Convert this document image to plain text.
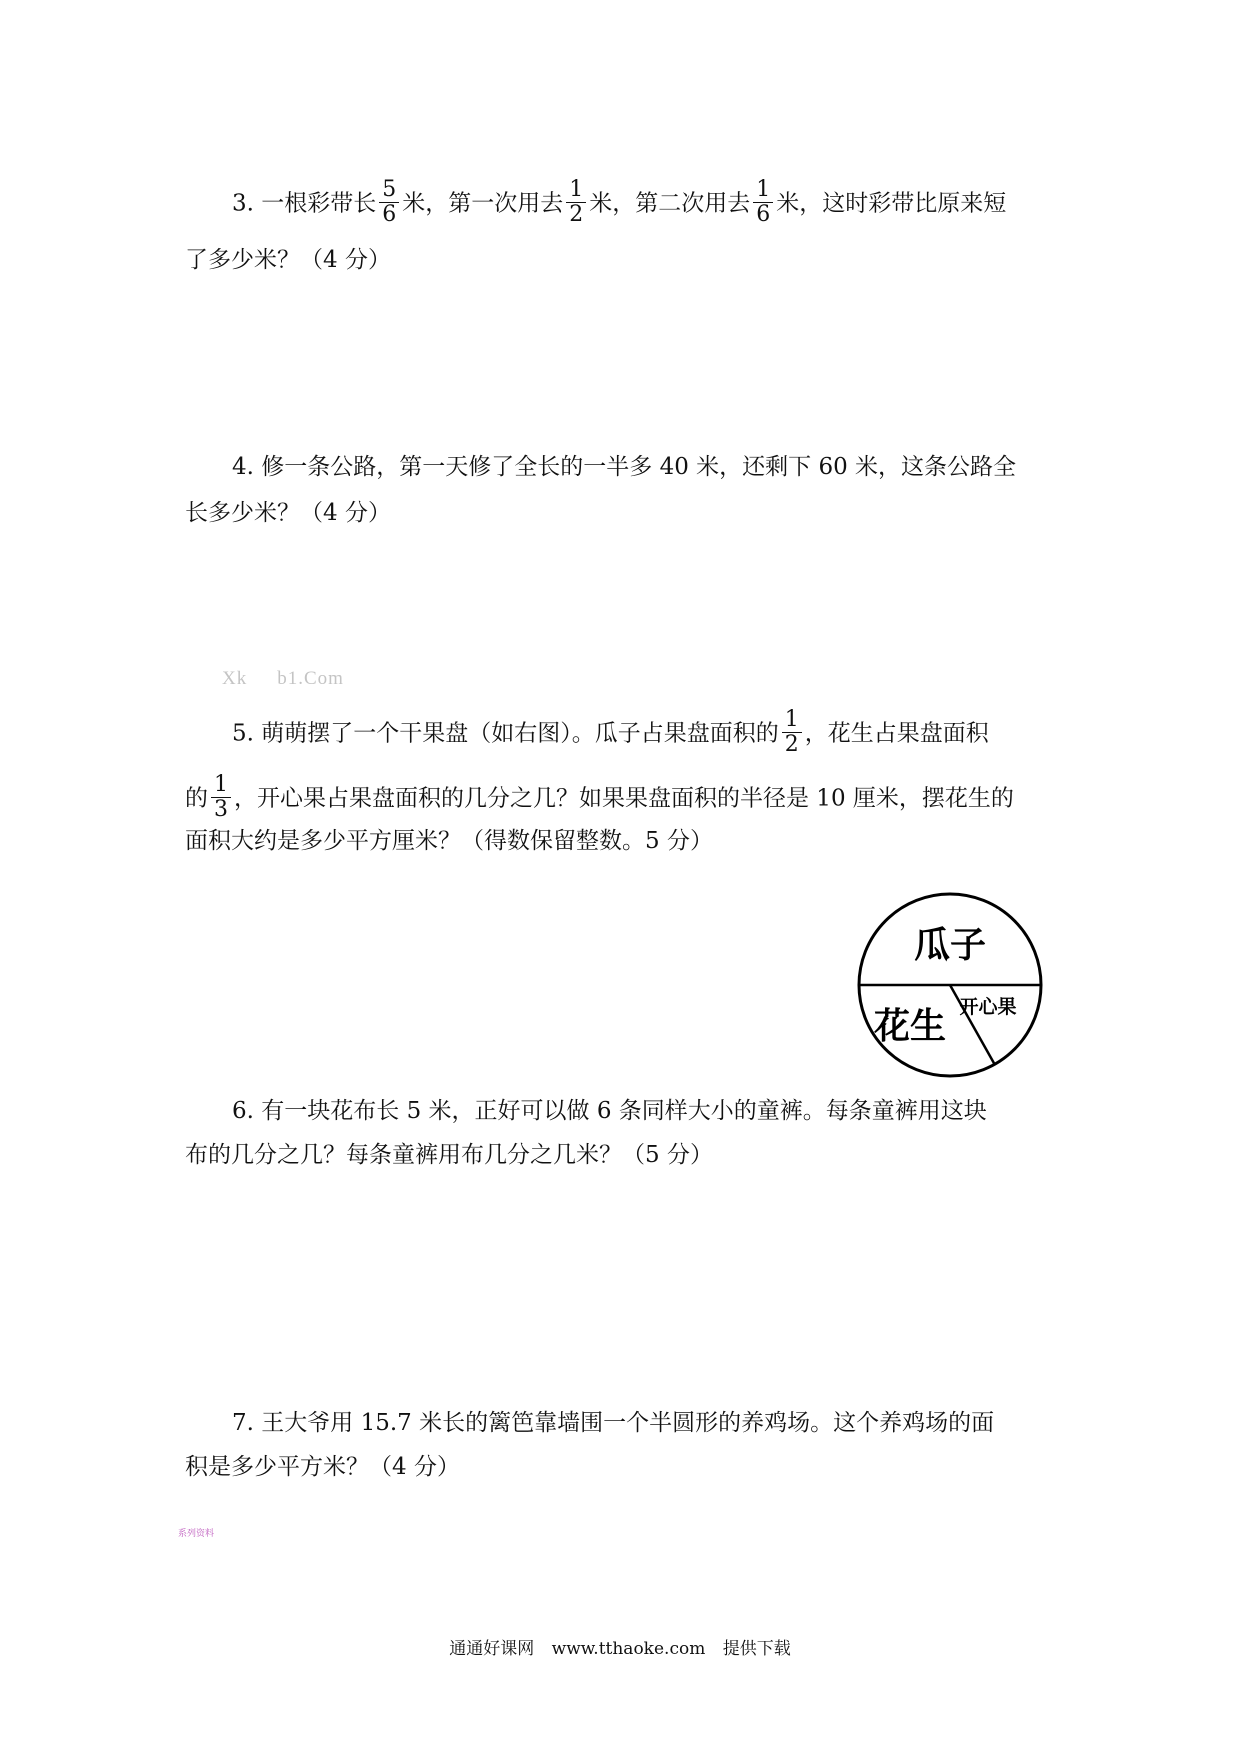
3. 一根彩带长 $\frac{5}{6}$ 米，第一次用去 $\frac{1}{2}$ 米，第二次用去 $\frac{1}{6}$ 米，这时彩带比原来短
了多少米？（4 分）
4. 修一条公路，第一天修了全长的一半多 40 米，还剩下 60 米，这条公路全
长多少米？（4 分）
Xk b1.Com
5. 萌萌摆了一个干果盘（如右图）。瓜子占果盘面积的 $\frac{1}{2}$ ，花生占果盘面积
的 $\frac{1}{3}$ ，开心果占果盘面积的几分之几？如果果盘面积的半径是 10 厘米，摆花生的
面积大约是多少平方厘米？（得数保留整数。5 分）
瓜子
花生 开心果
6. 有一块花布长 5 米，正好可以做 6 条同样大小的童裤。每条童裤用这块
布的几分之几？每条童裤用布几分之几米？（5 分）
7. 王大爷用 15.7 米长的篱笆靠墙围一个半圆形的养鸡场。这个养鸡场的面
积是多少平方米？（4 分）
系列资料
通通好课网 www.tthaoke.com 提供下载
